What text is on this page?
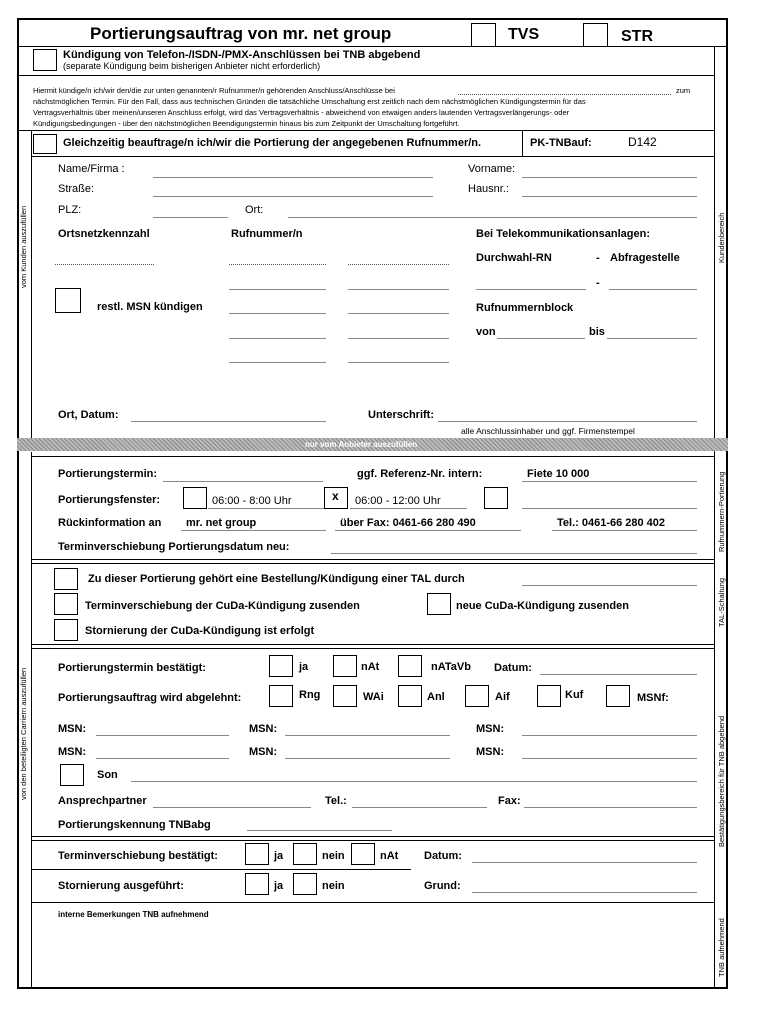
Portierungsauftrag von mr. net group	TVS	STR
Kündigung von Telefon-/ISDN-/PMX-Anschlüssen bei TNB abgebend
(separate Kündigung beim bisherigen Anbieter nicht erforderlich)
Hiermit kündige/n ich/wir den/die zur unten genannten/r Rufnummer/n gehörenden Anschluss/Anschlüsse bei	zum
nächstmöglichen Termin. Für den Fall, dass aus technischen Gründen die tatsächliche Umschaltung erst zeitlich nach dem nächstmöglichen Kündigungstermin für das
Vertragsverhältnis über meinen/unseren Anschluss erfolgt, wird das Vertragsverhältnis - abweichend von etwaigen anders lautenden Vertragsverlängerungs- oder
Kündigungsbedingungen - über den nächstmöglichen Beendigungstermin hinaus bis zum Zeitpunkt der Umschaltung fortgeführt.
Gleichzeitig beauftrage/n ich/wir die Portierung der angegebenen Rufnummer/n.	PK-TNBauf:	D142
Name/Firma :	Vorname:
Straße:	Hausnr.:
PLZ:	Ort:
Ortsnetzkennzahl	Rufnummer/n	Bei Telekommunikationsanlagen:
Durchwahl-RN	- Abfragestelle
-
restl. MSN kündigen	Rufnummernblock
von	bis
Ort, Datum:	Unterschrift:
alle Anschlussinhaber und ggf. Firmenstempel
nur vom Anbieter auszufüllen
Portierungstermin:	ggf. Referenz-Nr. intern:	Fiete 10 000
Portierungsfenster:	06:00 - 8:00 Uhr	x 06:00 - 12:00 Uhr
Rückinformation an mr. net group	über Fax: 0461-66 280 490	Tel.: 0461-66 280 402
Terminverschiebung Portierungsdatum neu:
Zu dieser Portierung gehört eine Bestellung/Kündigung einer TAL durch
Terminverschiebung der CuDa-Kündigung zusenden	neue CuDa-Kündigung zusenden
Stornierung der CuDa-Kündigung ist erfolgt
Portierungstermin bestätigt:	ja	nAt	nATaVb Datum:
Portierungsauftrag wird abgelehnt:	Rng	WAi	Anl	Aif	Kuf	MSNf:
MSN:	MSN:	MSN:
MSN:	MSN:	MSN:
Son
Ansprechpartner	Tel.:	Fax:
Portierungskennung TNBabg
Terminverschiebung bestätigt:	ja	nein	nAt Datum:
Stornierung ausgeführt:	ja	nein	Grund:
interne Bemerkungen TNB aufnehmend
vom Kunden auszufüllen	Kundenbereich
von den beteiligten Carriern auszufüllen
Rufnummern-Portierung
TAL-Schaltung
Bestätigungsbereich für TNB abgebend
TNB aufnehmend
